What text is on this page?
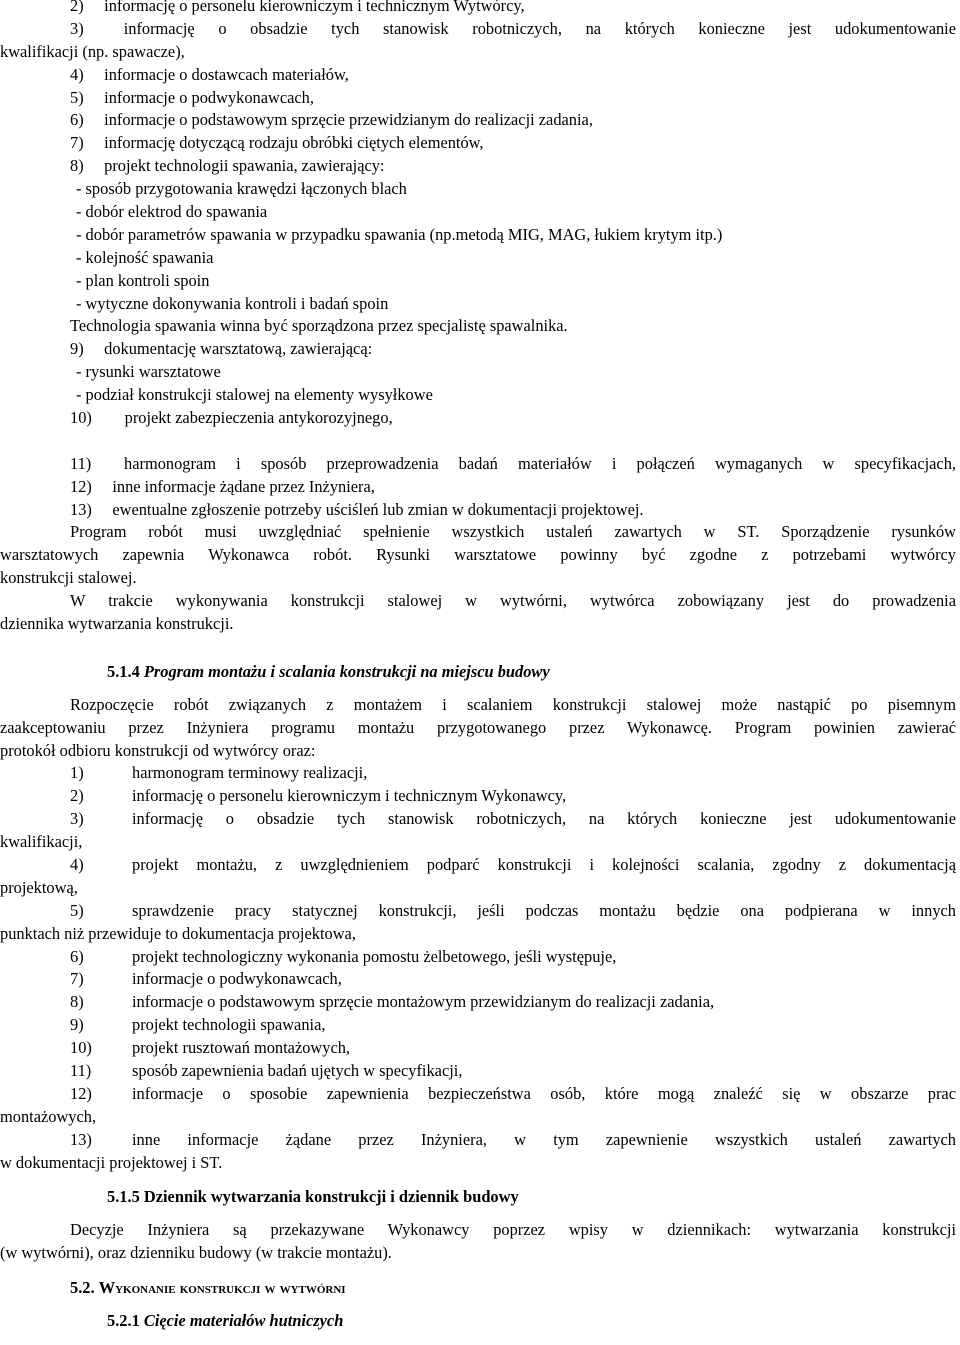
2)  informację o personelu kierowniczym i technicznym Wytwórcy,
3)  informację o obsadzie tych stanowisk robotniczych, na których konieczne jest udokumentowanie
kwalifikacji (np. spawacze),
4)  informacje o dostawcach materiałów,
5)  informacje o podwykonawcach,
6)  informacje o podstawowym sprzęcie przewidzianym do realizacji zadania,
7)  informację dotyczącą rodzaju obróbki ciętych elementów,
8)  projekt technologii spawania, zawierający:
- sposób przygotowania krawędzi łączonych blach
- dobór elektrod do spawania
- dobór parametrów spawania w przypadku spawania (np.metodą MIG, MAG, łukiem krytym itp.)
- kolejność spawania
- plan kontroli spoin
- wytyczne dokonywania kontroli i badań spoin
Technologia spawania winna być sporządzona przez specjalistę spawalnika.
9)  dokumentację warsztatową, zawierającą:
- rysunki warsztatowe
- podział konstrukcji stalowej na elementy wysyłkowe
10)  projekt zabezpieczenia antykorozyjnego,
11)  harmonogram i sposób przeprowadzenia badań materiałów i połączeń wymaganych w specyfikacjach,
12)  inne informacje żądane przez Inżyniera,
13)  ewentualne zgłoszenie potrzeby uściśleń lub zmian w dokumentacji projektowej.
Program robót musi uwzględniać spełnienie wszystkich ustaleń zawartych w ST. Sporządzenie rysunków
warsztatowych zapewnia Wykonawca robót. Rysunki warsztatowe powinny być zgodne z potrzebami wytwórcy
konstrukcji stalowej.
W trakcie wykonywania konstrukcji stalowej w wytwórni, wytwórca zobowiązany jest do prowadzenia
dziennika wytwarzania konstrukcji.
5.1.4 Program montażu i scalania konstrukcji na miejscu budowy
Rozpoczęcie robót związanych z montażem i scalaniem konstrukcji stalowej może nastąpić po pisemnym
zaakceptowaniu przez Inżyniera programu montażu przygotowanego przez Wykonawcę. Program powinien zawierać
protokół odbioru konstrukcji od wytwórcy oraz:
1)	harmonogram terminowy realizacji,
2)	informację o personelu kierowniczym i technicznym Wykonawcy,
3)	informację o obsadzie tych stanowisk robotniczych, na których konieczne jest udokumentowanie
kwalifikacji,
4)	projekt montażu, z uwzględnieniem podparć konstrukcji i kolejności scalania, zgodny z dokumentacją
projektową,
5)	sprawdzenie pracy statycznej konstrukcji, jeśli podczas montażu będzie ona podpierana w innych
punktach niż przewiduje to dokumentacja projektowa,
6)	projekt technologiczny wykonania pomostu żelbetowego, jeśli występuje,
7)	informacje o podwykonawcach,
8)	informacje o podstawowym sprzęcie montażowym przewidzianym do realizacji zadania,
9)	projekt technologii spawania,
10) projekt rusztowań montażowych,
11) sposób zapewnienia badań ujętych w specyfikacji,
12) informacje o sposobie zapewnienia bezpieczeństwa osób, które mogą znaleźć się w obszarze prac
montażowych,
13) inne informacje żądane przez Inżyniera, w tym zapewnienie wszystkich ustaleń zawartych
w dokumentacji projektowej i ST.
5.1.5 Dziennik wytwarzania konstrukcji i dziennik budowy
Decyzje Inżyniera są przekazywane Wykonawcy poprzez wpisy w dziennikach: wytwarzania konstrukcji
(w wytwórni), oraz dzienniku budowy (w trakcie montażu).
5.2. Wykonanie konstrukcji w wytwórni
5.2.1 Cięcie materiałów hutniczych
